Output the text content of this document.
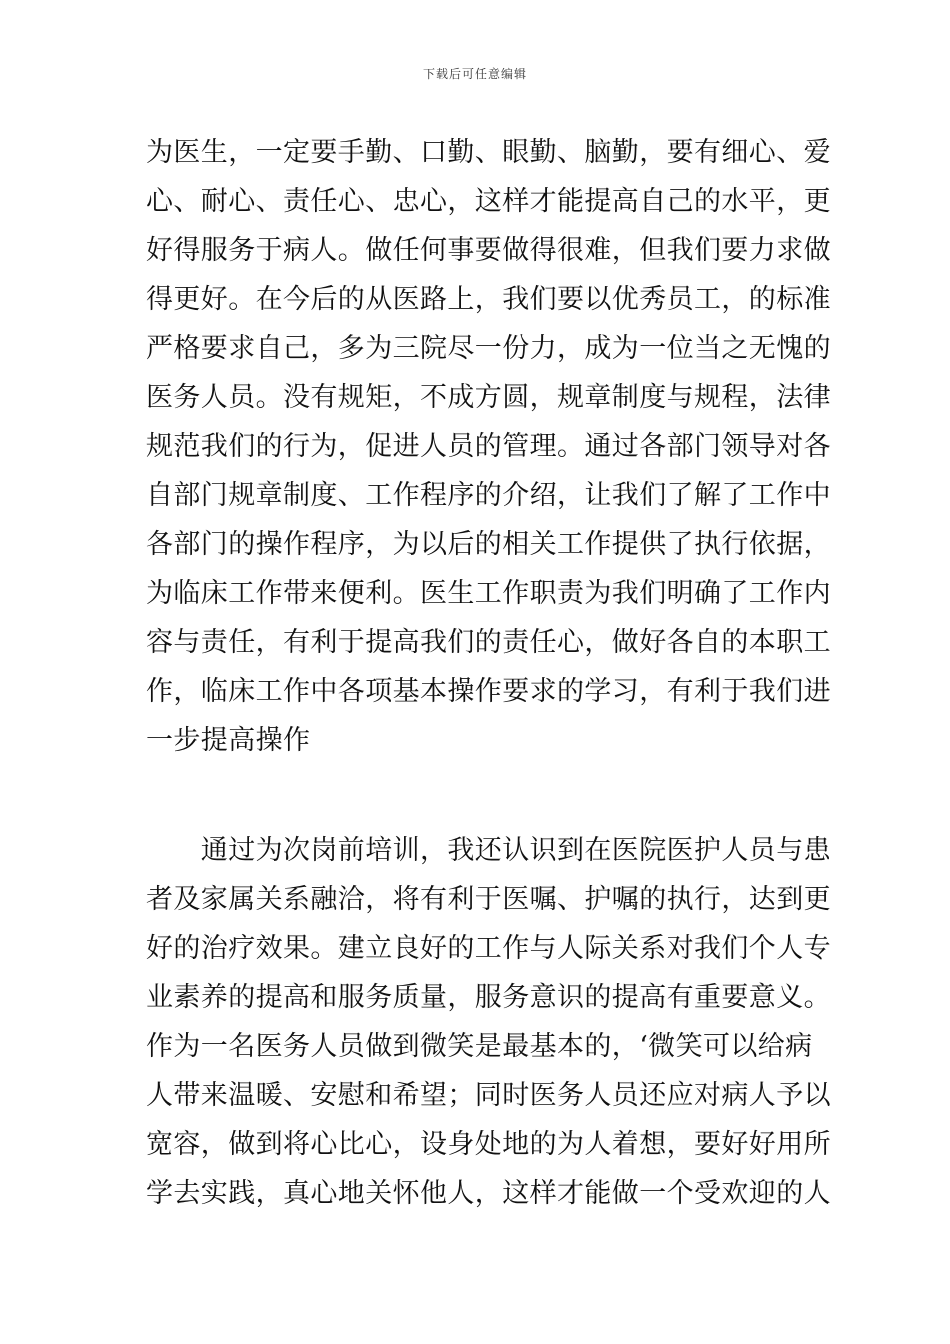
下载后可任意编辑
为医生，一定要手勤、口勤、眼勤、脑勤，要有细心、爱
心、耐心、责任心、忠心，这样才能提高自己的水平，更
好得服务于病人。做任何事要做得很难，但我们要力求做
得更好。在今后的从医路上，我们要以优秀员工，的标准
严格要求自己，多为三院尽一份力，成为一位当之无愧的
医务人员。没有规矩，不成方圆，规章制度与规程，法律
规范我们的行为，促进人员的管理。通过各部门领导对各
自部门规章制度、工作程序的介绍，让我们了解了工作中
各部门的操作程序，为以后的相关工作提供了执行依据，
为临床工作带来便利。医生工作职责为我们明确了工作内
容与责任，有利于提高我们的责任心，做好各自的本职工
作，临床工作中各项基本操作要求的学习，有利于我们进
一步提高操作
　　通过为次岗前培训，我还认识到在医院医护人员与患
者及家属关系融洽，将有利于医嘱、护嘱的执行，达到更
好的治疗效果。建立良好的工作与人际关系对我们个人专
业素养的提高和服务质量，服务意识的提高有重要意义。
作为一名医务人员做到微笑是最基本的，‘微笑可以给病
人带来温暖、安慰和希望；同时医务人员还应对病人予以
宽容，做到将心比心，设身处地的为人着想，要好好用所
学去实践，真心地关怀他人，这样才能做一个受欢迎的人
